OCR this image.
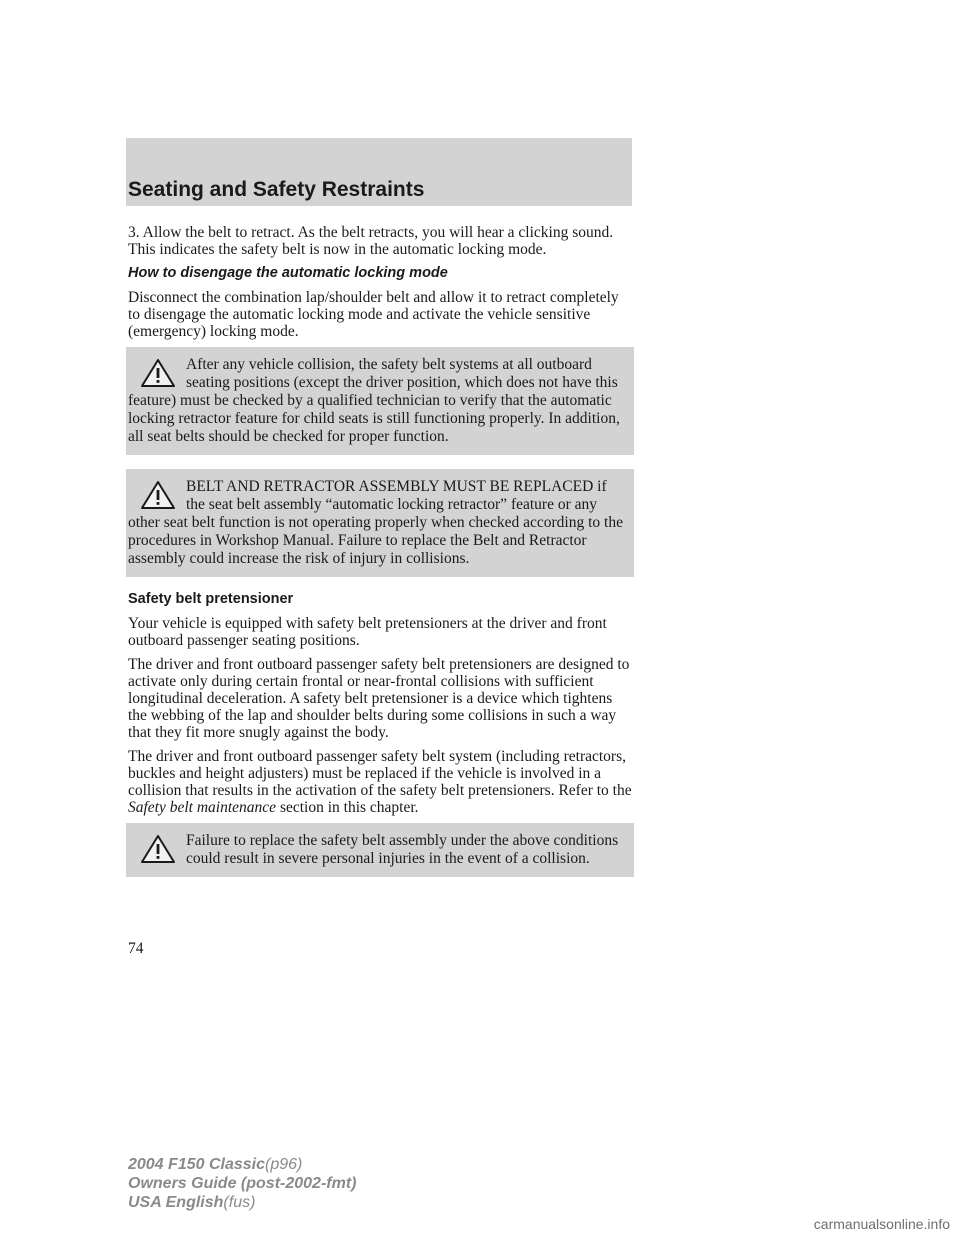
Seating and Safety Restraints

3. Allow the belt to retract. As the belt retracts, you will hear a clicking sound. This indicates the safety belt is now in the automatic locking mode.

How to disengage the automatic locking mode

Disconnect the combination lap/shoulder belt and allow it to retract completely to disengage the automatic locking mode and activate the vehicle sensitive (emergency) locking mode.

After any vehicle collision, the safety belt systems at all outboard seating positions (except the driver position, which does not have this feature) must be checked by a qualified technician to verify that the automatic locking retractor feature for child seats is still functioning properly. In addition, all seat belts should be checked for proper function.
BELT AND RETRACTOR ASSEMBLY MUST BE REPLACED if the seat belt assembly “automatic locking retractor” feature or any other seat belt function is not operating properly when checked according to the procedures in Workshop Manual. Failure to replace the Belt and Retractor assembly could increase the risk of injury in collisions.

Safety belt pretensioner

Your vehicle is equipped with safety belt pretensioners at the driver and front outboard passenger seating positions.

The driver and front outboard passenger safety belt pretensioners are designed to activate only during certain frontal or near-frontal collisions with sufficient longitudinal deceleration. A safety belt pretensioner is a device which tightens the webbing of the lap and shoulder belts during some collisions in such a way that they fit more snugly against the body.

The driver and front outboard passenger safety belt system (including retractors, buckles and height adjusters) must be replaced if the vehicle is involved in a collision that results in the activation of the safety belt pretensioners. Refer to the Safety belt maintenance section in this chapter.

Failure to replace the safety belt assembly under the above conditions could result in severe personal injuries in the event of a collision.
74
2004 F150 Classic(p96)
Owners Guide (post-2002-fmt)
USA English(fus)
carmanualsonline.info
